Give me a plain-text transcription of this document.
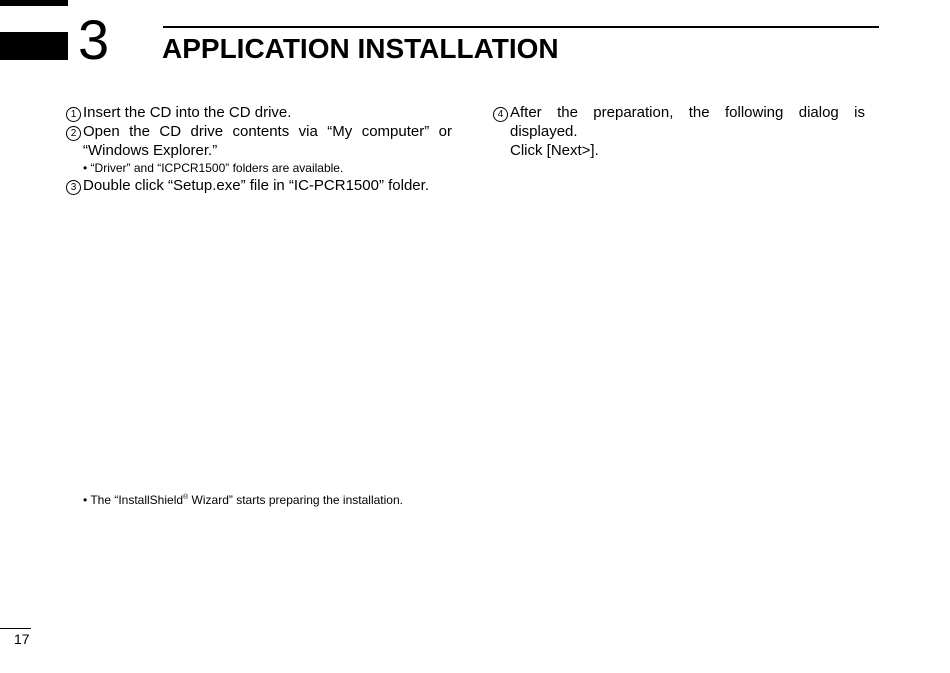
3 APPLICATION INSTALLATION
1 Insert the CD into the CD drive.
2 Open the CD drive contents via “My computer” or “Windows Explorer.”
• “Driver” and “ICPCR1500” folders are available.
3 Double click “Setup.exe” file in “IC-PCR1500” folder.
• The “InstallShield® Wizard” starts preparing the installation.
4 After the preparation, the following dialog is displayed.
Click [Next>].
17
